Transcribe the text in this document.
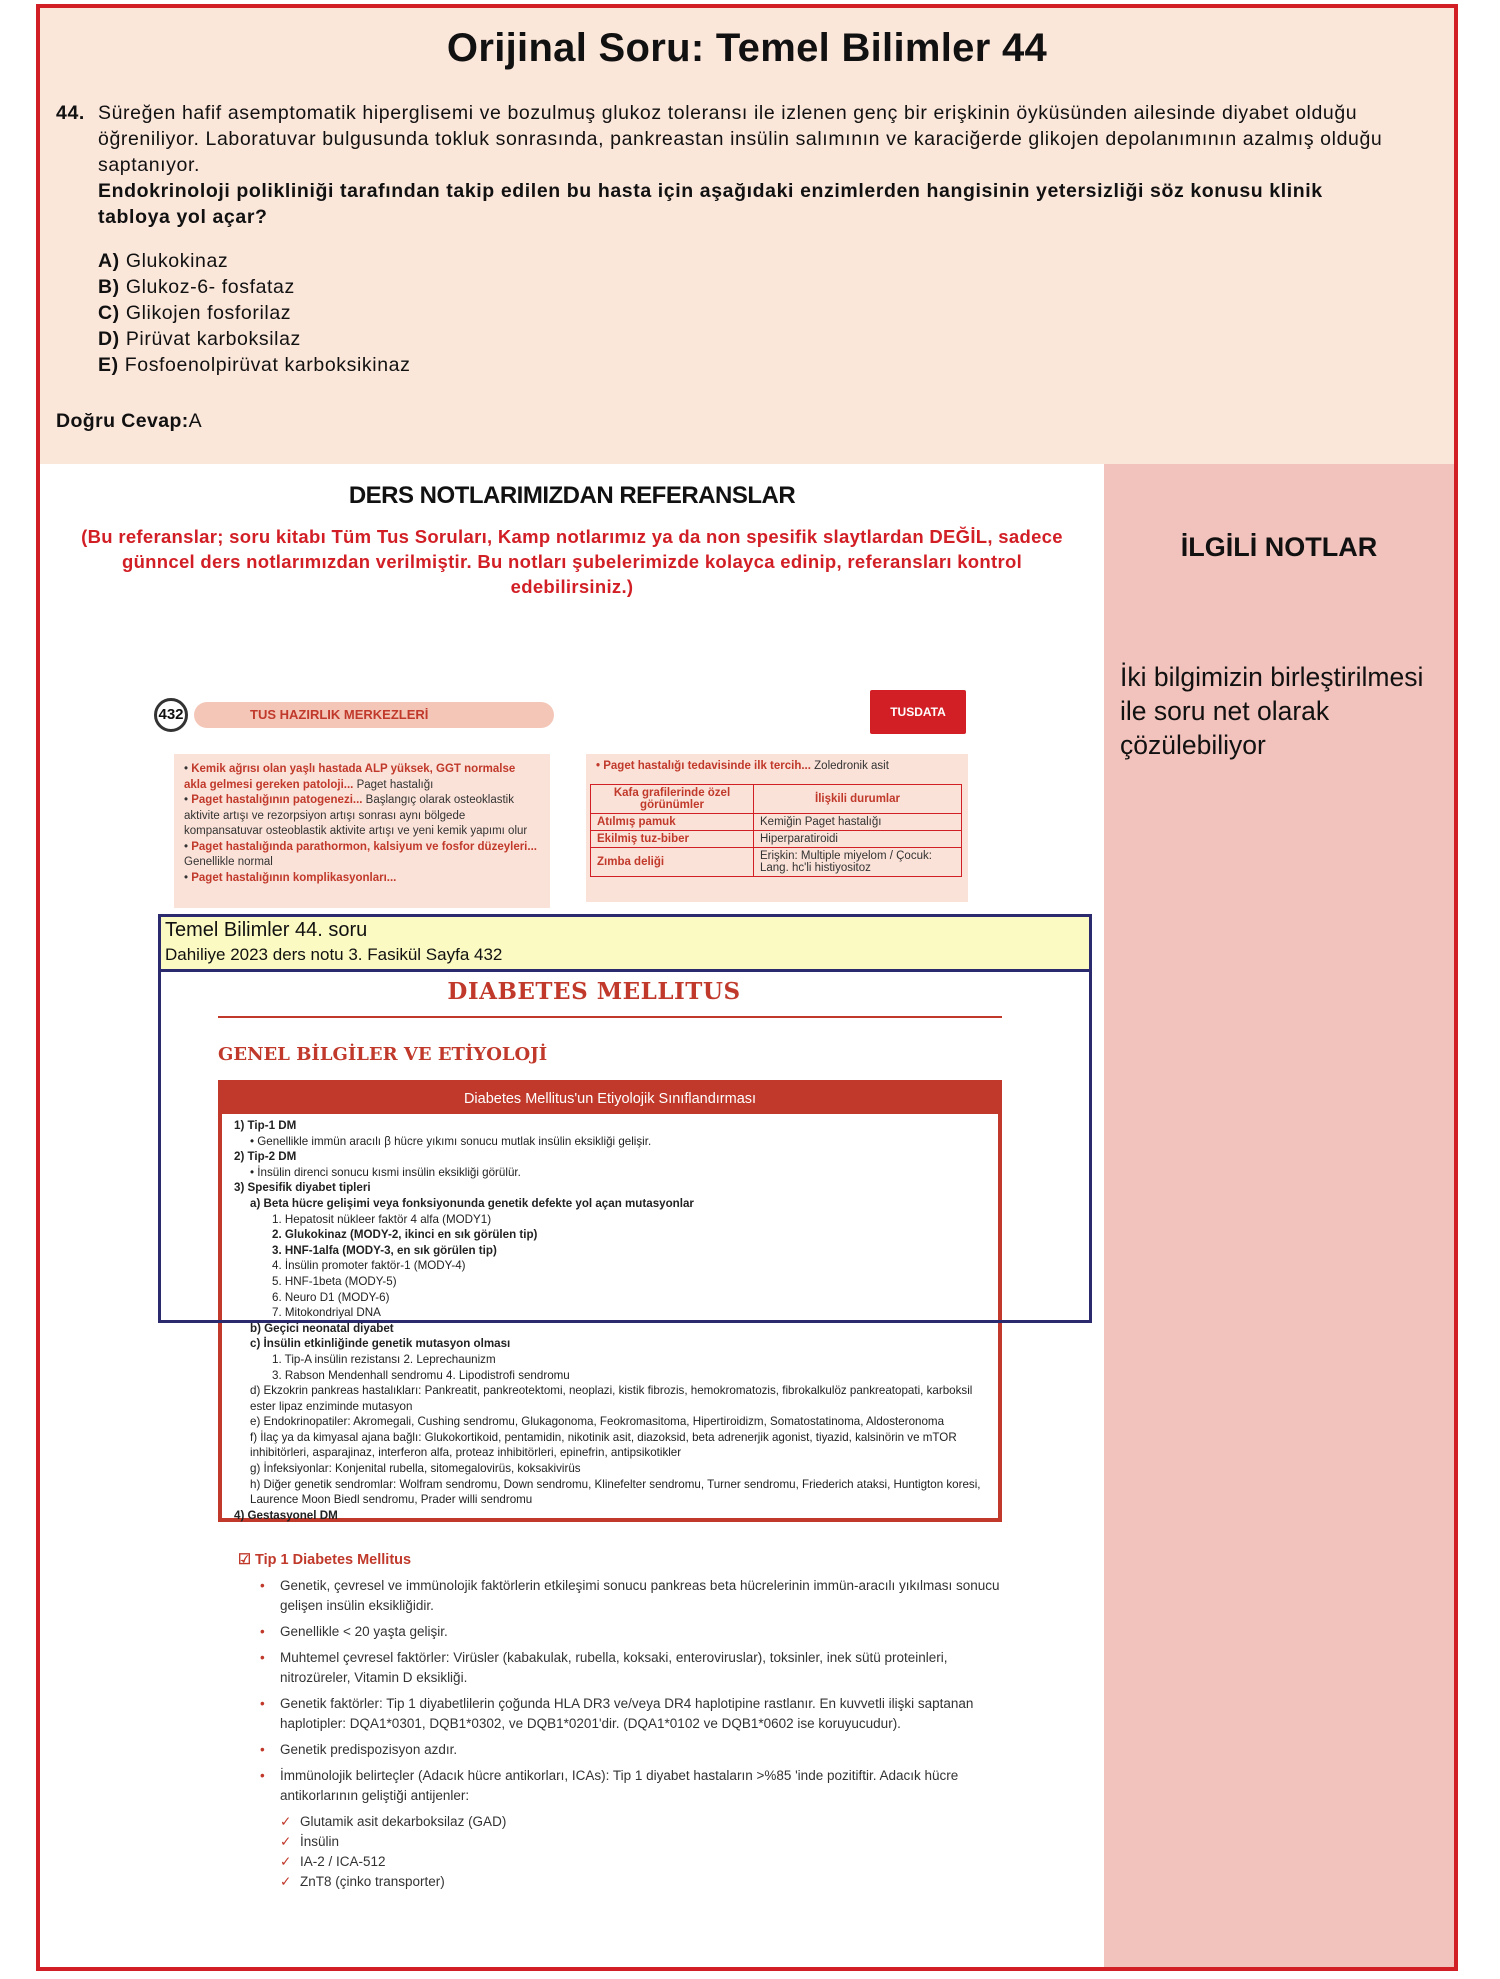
Orijinal Soru: Temel Bilimler 44
44. Süreğen hafif asemptomatik hiperglisemi ve bozulmuş glukoz toleransı ile izlenen genç bir erişkinin öyküsünden ailesinde diyabet olduğu öğreniliyor. Laboratuvar bulgusunda tokluk sonrasında, pankreastan insülin salımının ve karaciğerde glikojen depolanımının azalmış olduğu saptanıyor.
Endokrinoloji polikliniği tarafından takip edilen bu hasta için aşağıdaki enzimlerden hangisinin yetersizliği söz konusu klinik tabloya yol açar?
A) Glukokinaz
B) Glukoz-6- fosfataz
C) Glikojen fosforilaz
D) Pirüvat karboksilaz
E) Fosfoenolpirüvat karboksikinaz
Doğru Cevap:A
DERS NOTLARIMIZDAN REFERANSLAR
(Bu referanslar; soru kitabı Tüm Tus Soruları, Kamp notlarımız ya da non spesifik slaytlardan DEĞİL, sadece günncel ders notlarımızdan verilmiştir. Bu notları şubelerimizde kolayca edinip, referansları kontrol edebilirsiniz.)
İLGİLİ NOTLAR
İki bilgimizin birleştirilmesi ile soru net olarak çözülebiliyor
432	TUS HAZIRLIK MERKEZLERİ	TUSDATA
• Kemik ağrısı olan yaşlı hastada ALP yüksek, GGT normalse akla gelmesi gereken patoloji... Paget hastalığı
• Paget hastalığının patogenezi... Başlangıç olarak osteoklastik aktivite artışı ve rezorpsiyon artışı sonrası aynı bölgede kompansatuvar osteoblastik aktivite artışı ve yeni kemik yapımı olur
• Paget hastalığında parathormon, kalsiyum ve fosfor düzeyleri... Genellikle normal
• Paget hastalığının komplikasyonları...
• Paget hastalığı tedavisinde ilk tercih... Zoledronik asit
Kafa grafilerinde özel görünümler	İlişkili durumlar
Atılmış pamuk	Kemiğin Paget hastalığı
Ekilmiş tuz-biber	Hiperparatiroidi
Zımba deliği	Erişkin: Multiple miyelom / Çocuk: Lang. hc'li histiyositoz
DIABETES MELLITUS
GENEL BİLGİLER VE ETİYOLOJİ
Diabetes Mellitus'un Etiyolojik Sınıflandırması
1) Tip-1 DM
• Genellikle immün aracılı β hücre yıkımı sonucu mutlak insülin eksikliği gelişir.
2) Tip-2 DM
• İnsülin direnci sonucu kısmi insülin eksikliği görülür.
3) Spesifik diyabet tipleri
a) Beta hücre gelişimi veya fonksiyonunda genetik defekte yol açan mutasyonlar
1. Hepatosit nükleer faktör 4 alfa (MODY1)
2. Glukokinaz (MODY-2, ikinci en sık görülen tip)
3. HNF-1alfa (MODY-3, en sık görülen tip)
4. İnsülin promoter faktör-1 (MODY-4)
5. HNF-1beta (MODY-5)
6. Neuro D1 (MODY-6)
7. Mitokondriyal DNA
b) Geçici neonatal diyabet
c) İnsülin etkinliğinde genetik mutasyon olması
1. Tip-A insülin rezistansı 2. Leprechaunizm
3. Rabson Mendenhall sendromu 4. Lipodistrofi sendromu
d) Ekzokrin pankreas hastalıkları: Pankreatit, pankreotektomi, neoplazi, kistik fibrozis, hemokromatozis, fibrokalkulöz pankreatopati, karboksil ester lipaz enziminde mutasyon
e) Endokrinopatiler: Akromegali, Cushing sendromu, Glukagonoma, Feokromasitoma, Hipertiroidizm, Somatostatinoma, Aldosteronoma
f) İlaç ya da kimyasal ajana bağlı: Glukokortikoid, pentamidin, nikotinik asit, diazoksid, beta adrenerjik agonist, tiyazid, kalsinörin ve mTOR inhibitörleri, asparajinaz, interferon alfa, proteaz inhibitörleri, epinefrin, antipsikotikler
g) İnfeksiyonlar: Konjenital rubella, sitomegalovirüs, koksakivirüs
h) Diğer genetik sendromlar: Wolfram sendromu, Down sendromu, Klinefelter sendromu, Turner sendromu, Friederich ataksi, Huntigton koresi, Laurence Moon Biedl sendromu, Prader willi sendromu
4) Gestasyonel DM
☑ Tip 1 Diabetes Mellitus

• Genetik, çevresel ve immünolojik faktörlerin etkileşimi sonucu pankreas beta hücrelerinin immün-aracılı yıkılması sonucu gelişen insülin eksikliğidir.

• Genellikle < 20 yaşta gelişir.

• Muhtemel çevresel faktörler: Virüsler (kabakulak, rubella, koksaki, enteroviruslar), toksinler, inek sütü proteinleri, nitrozüreler, Vitamin D eksikliği.

• Genetik faktörler: Tip 1 diyabetlilerin çoğunda HLA DR3 ve/veya DR4 haplotipine rastlanır. En kuvvetli ilişki saptanan haplotipler: DQA1*0301, DQB1*0302, ve DQB1*0201'dir. (DQA1*0102 ve DQB1*0602 ise koruyucudur).

• Genetik predispozisyon azdır.

• İmmünolojik belirteçler (Adacık hücre antikorları, ICAs): Tip 1 diyabet hastaların >%85 'inde pozitiftir. Adacık hücre antikorlarının geliştiği antijenler:

✓ Glutamik asit dekarboksilaz (GAD)
✓ İnsülin
✓ IA-2 / ICA-512
✓ ZnT8 (çinko transporter)
Temel Bilimler 44. soru
Dahiliye 2023 ders notu 3. Fasikül Sayfa 432
